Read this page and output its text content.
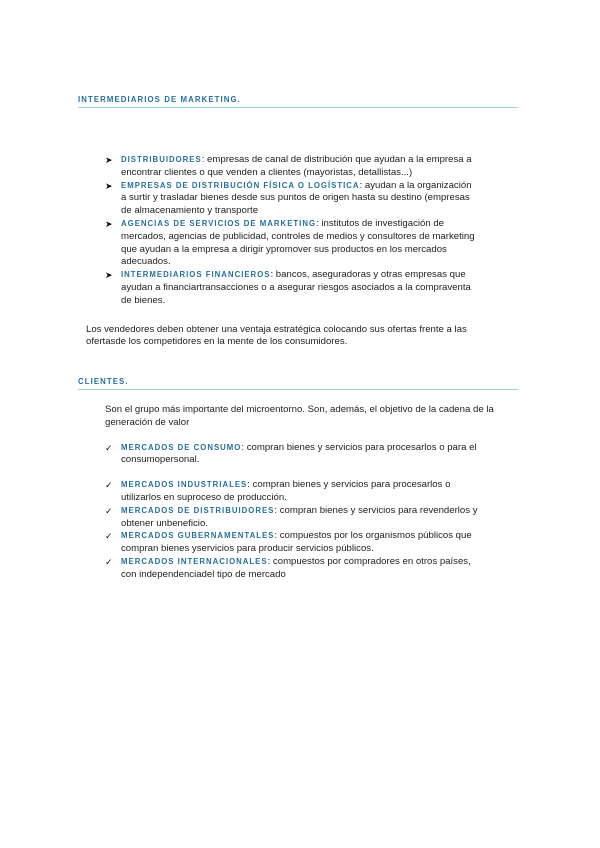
INTERMEDIARIOS DE MARKETING.
➤ DISTRIBUIDORES: empresas de canal de distribución que ayudan a la empresa a encontrar clientes o que venden a clientes (mayoristas, detallistas...)
➤ EMPRESAS DE DISTRIBUCIÓN FÍSICA O LOGÍSTICA: ayudan a la organización a surtir y trasladar bienes desde sus puntos de origen hasta su destino (empresas de almacenamiento y transporte
➤ AGENCIAS DE SERVICIOS DE MARKETING: institutos de investigación de mercados, agencias de publicidad, controles de medios y consultores de marketing que ayudan a la empresa a dirigir ypromover sus productos en los mercados adecuados.
➤ INTERMEDIARIOS FINANCIEROS: bancos, aseguradoras y otras empresas que ayudan a financiartransacciones o a asegurar riesgos asociados a la compraventa de bienes.

Los vendedores deben obtener una ventaja estratégica colocando sus ofertas frente a las ofertasde los competidores en la mente de los consumidores.

CLIENTES.

Son el grupo más importante del microentorno. Son, además, el objetivo de la cadena de la generación de valor

✓ MERCADOS DE CONSUMO: compran bienes y servicios para procesarlos o para el consumopersonal.
✓ MERCADOS INDUSTRIALES: compran bienes y servicios para procesarlos o utilizarlos en suproceso de producción.
✓ MERCADOS DE DISTRIBUIDORES: compran bienes y servicios para revenderlos y obtener unbeneficio.
✓ MERCADOS GUBERNAMENTALES: compuestos por los organismos públicos que compran bienes yservicios para producir servicios públicos.
✓ MERCADOS INTERNACIONALES: compuestos por compradores en otros países, con independenciadel tipo de mercado
